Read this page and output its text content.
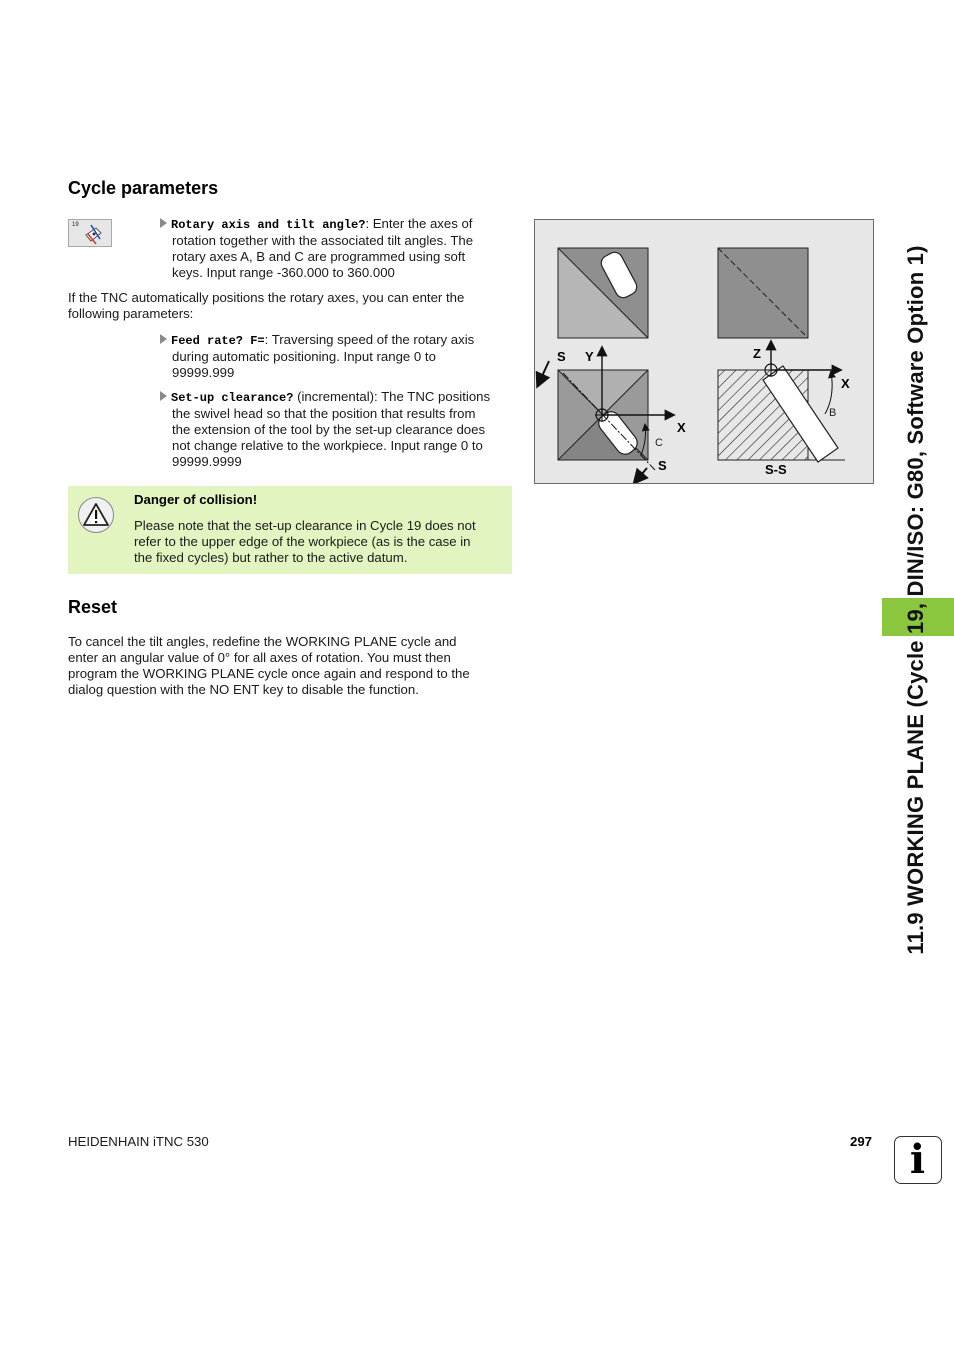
Cycle parameters
19	Rotary axis and tilt angle?: Enter the axes of
rotation together with the associated tilt angles. The
rotary axes A, B and C are programmed using soft
keys. Input range -360.000 to 360.000
If the TNC automatically positions the rotary axes, you can enter the
following parameters:
Feed rate? F=: Traversing speed of the rotary axis
during automatic positioning. Input range 0 to
99999.999
Set-up clearance? (incremental): The TNC positions
the swivel head so that the position that results from
the extension of the tool by the set-up clearance does
not change relative to the workpiece. Input range 0 to
99999.9999
Danger of collision!
Please note that the set-up clearance in Cycle 19 does not
refer to the upper edge of the workpiece (as is the case in
the fixed cycles) but rather to the active datum.
Reset
To cancel the tilt angles, redefine the WORKING PLANE cycle and
enter an angular value of 0° for all axes of rotation. You must then
program the WORKING PLANE cycle once again and respond to the
dialog question with the NO ENT key to disable the function.
S Y
X
S
C
Z
X
B
S-S	11.9 WORKING PLANE (Cycle 19, DIN/ISO: G80, Software Option 1)
HEIDENHAIN iTNC 530	297 i
